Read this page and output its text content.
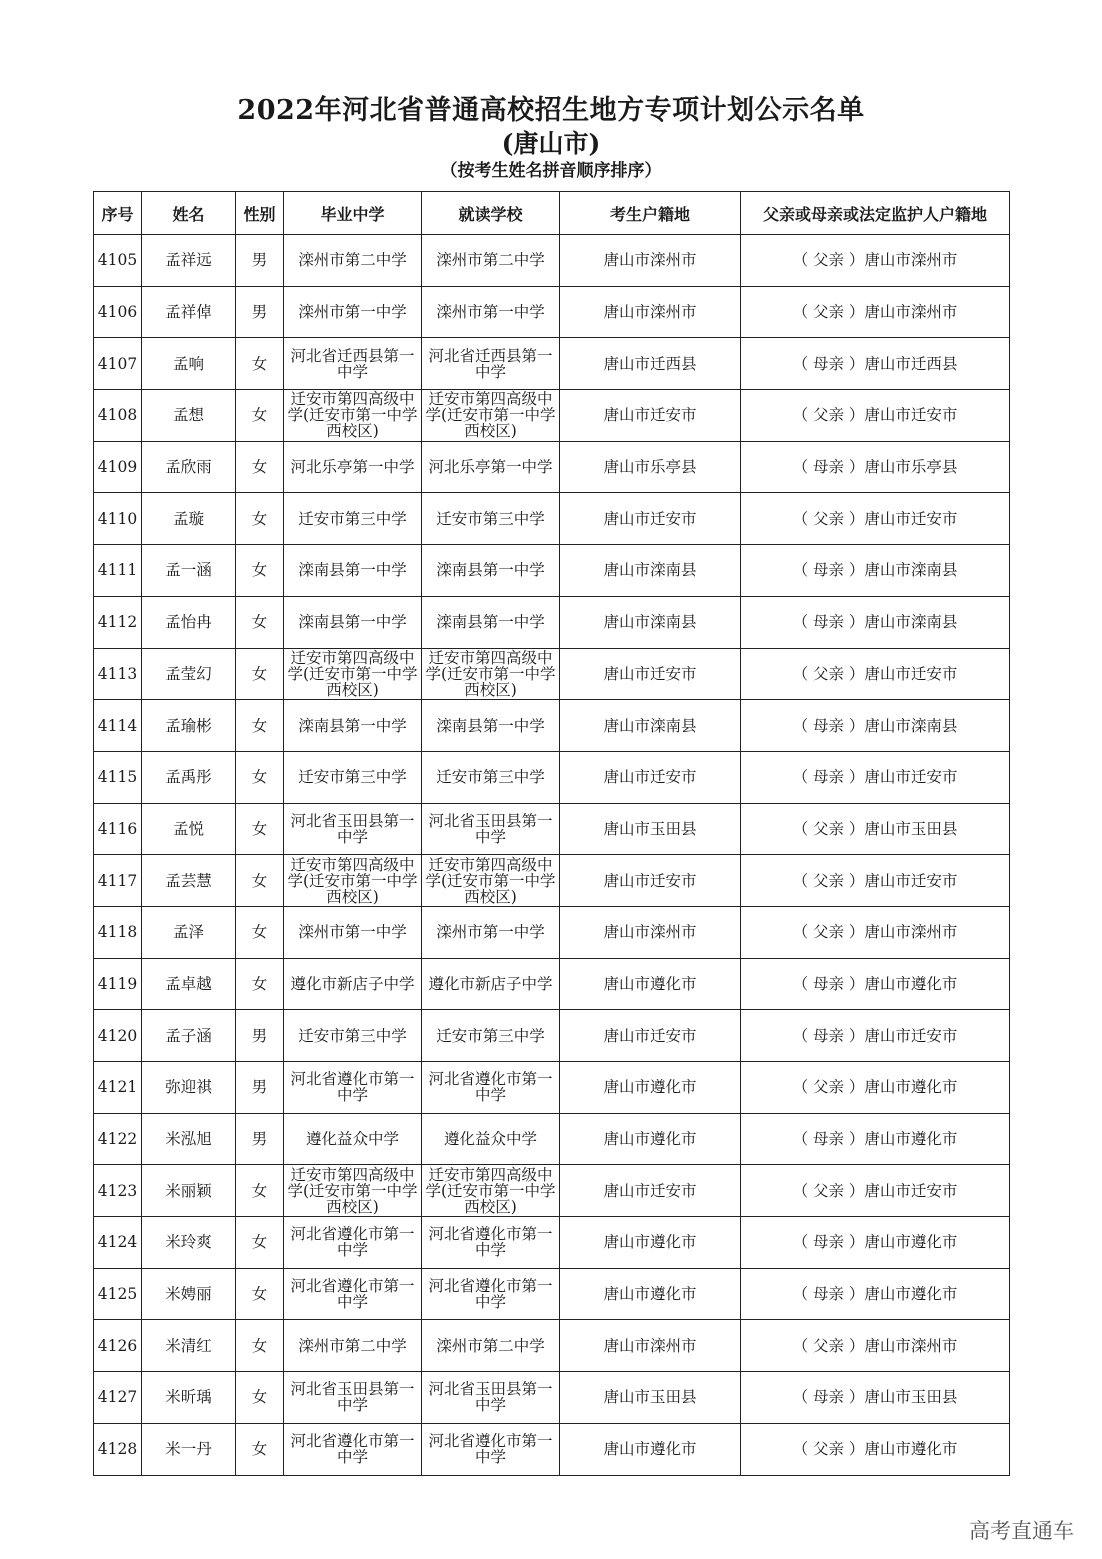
2022年河北省普通高校招生地方专项计划公示名单
(唐山市)
（按考生姓名拼音顺序排序）
序号	姓名	性别	毕业中学	就读学校	考生户籍地	父亲或母亲或法定监护人户籍地
4105	孟祥远	男	滦州市第二中学	滦州市第二中学	唐山市滦州市	（ 父亲 ）唐山市滦州市
4106	孟祥倬	男	滦州市第一中学	滦州市第一中学	唐山市滦州市	（ 父亲 ）唐山市滦州市
4107	孟响	女	河北省迁西县第一中学	河北省迁西县第一中学	唐山市迁西县	（ 母亲 ）唐山市迁西县
4108	孟想	女	迁安市第四高级中学(迁安市第一中学西校区)	迁安市第四高级中学(迁安市第一中学西校区)	唐山市迁安市	（ 父亲 ）唐山市迁安市
4109	孟欣雨	女	河北乐亭第一中学	河北乐亭第一中学	唐山市乐亭县	（ 母亲 ）唐山市乐亭县
4110	孟璇	女	迁安市第三中学	迁安市第三中学	唐山市迁安市	（ 父亲 ）唐山市迁安市
4111	孟一涵	女	滦南县第一中学	滦南县第一中学	唐山市滦南县	（ 母亲 ）唐山市滦南县
4112	孟怡冉	女	滦南县第一中学	滦南县第一中学	唐山市滦南县	（ 母亲 ）唐山市滦南县
4113	孟莹幻	女	迁安市第四高级中学(迁安市第一中学西校区)	迁安市第四高级中学(迁安市第一中学西校区)	唐山市迁安市	（ 父亲 ）唐山市迁安市
4114	孟瑜彬	女	滦南县第一中学	滦南县第一中学	唐山市滦南县	（ 母亲 ）唐山市滦南县
4115	孟禹彤	女	迁安市第三中学	迁安市第三中学	唐山市迁安市	（ 母亲 ）唐山市迁安市
4116	孟悦	女	河北省玉田县第一中学	河北省玉田县第一中学	唐山市玉田县	（ 父亲 ）唐山市玉田县
4117	孟芸慧	女	迁安市第四高级中学(迁安市第一中学西校区)	迁安市第四高级中学(迁安市第一中学西校区)	唐山市迁安市	（ 父亲 ）唐山市迁安市
4118	孟泽	女	滦州市第一中学	滦州市第一中学	唐山市滦州市	（ 父亲 ）唐山市滦州市
4119	孟卓越	女	遵化市新店子中学	遵化市新店子中学	唐山市遵化市	（ 母亲 ）唐山市遵化市
4120	孟子涵	男	迁安市第三中学	迁安市第三中学	唐山市迁安市	（ 母亲 ）唐山市迁安市
4121	弥迎祺	男	河北省遵化市第一中学	河北省遵化市第一中学	唐山市遵化市	（ 父亲 ）唐山市遵化市
4122	米泓旭	男	遵化益众中学	遵化益众中学	唐山市遵化市	（ 母亲 ）唐山市遵化市
4123	米丽颖	女	迁安市第四高级中学(迁安市第一中学西校区)	迁安市第四高级中学(迁安市第一中学西校区)	唐山市迁安市	（ 父亲 ）唐山市迁安市
4124	米玲爽	女	河北省遵化市第一中学	河北省遵化市第一中学	唐山市遵化市	（ 母亲 ）唐山市遵化市
4125	米娉丽	女	河北省遵化市第一中学	河北省遵化市第一中学	唐山市遵化市	（ 母亲 ）唐山市遵化市
4126	米清红	女	滦州市第二中学	滦州市第二中学	唐山市滦州市	（ 父亲 ）唐山市滦州市
4127	米昕瑀	女	河北省玉田县第一中学	河北省玉田县第一中学	唐山市玉田县	（ 母亲 ）唐山市玉田县
4128	米一丹	女	河北省遵化市第一中学	河北省遵化市第一中学	唐山市遵化市	（ 父亲 ）唐山市遵化市
高考直通车
